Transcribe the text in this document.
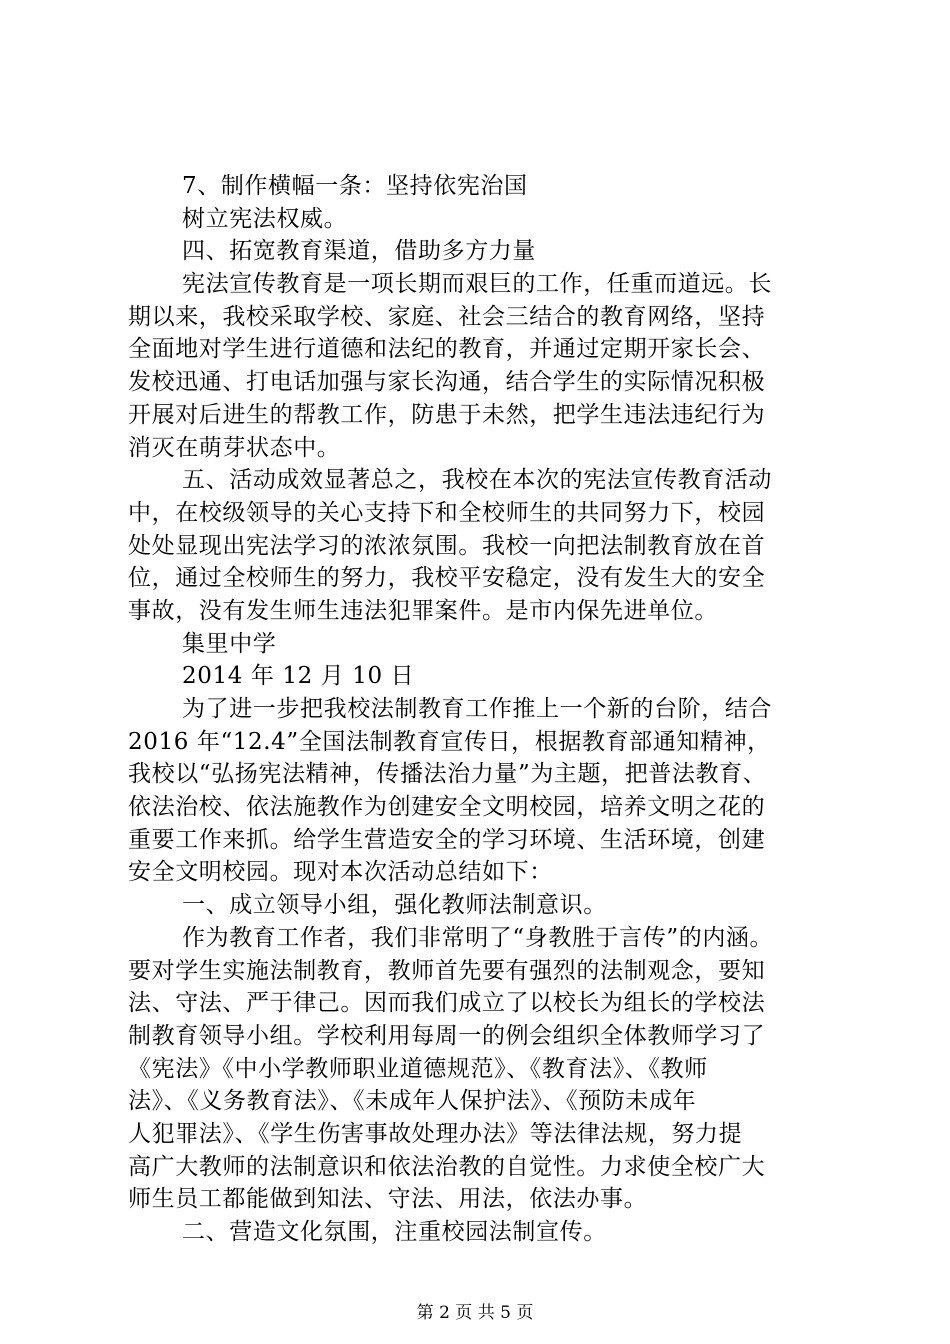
7、制作横幅一条：坚持依宪治国
树立宪法权威。
四、拓宽教育渠道，借助多方力量
宪法宣传教育是一项长期而艰巨的工作，任重而道远。长
期以来，我校采取学校、家庭、社会三结合的教育网络，坚持
全面地对学生进行道德和法纪的教育，并通过定期开家长会、
发校迅通、打电话加强与家长沟通，结合学生的实际情况积极
开展对后进生的帮教工作，防患于未然，把学生违法违纪行为
消灭在萌芽状态中。
五、活动成效显著总之，我校在本次的宪法宣传教育活动
中，在校级领导的关心支持下和全校师生的共同努力下，校园
处处显现出宪法学习的浓浓氛围。我校一向把法制教育放在首
位，通过全校师生的努力，我校平安稳定，没有发生大的安全
事故，没有发生师生违法犯罪案件。是市内保先进单位。
集里中学
2014 年 12 月 10 日
为了进一步把我校法制教育工作推上一个新的台阶，结合
2016 年“12.4”全国法制教育宣传日，根据教育部通知精神，
我校以“弘扬宪法精神，传播法治力量”为主题，把普法教育、
依法治校、依法施教作为创建安全文明校园，培养文明之花的
重要工作来抓。给学生营造安全的学习环境、生活环境，创建
安全文明校园。现对本次活动总结如下：
一、成立领导小组，强化教师法制意识。
作为教育工作者，我们非常明了“身教胜于言传”的内涵。
要对学生实施法制教育，教师首先要有强烈的法制观念，要知
法、守法、严于律己。因而我们成立了以校长为组长的学校法
制教育领导小组。学校利用每周一的例会组织全体教师学习了
《宪法》《中小学教师职业道德规范》、《教育法》、《教师
法》、《义务教育法》、《未成年人保护法》、《预防未成年
人犯罪法》、《学生伤害事故处理办法》等法律法规，努力提
高广大教师的法制意识和依法治教的自觉性。力求使全校广大
师生员工都能做到知法、守法、用法，依法办事。
二、营造文化氛围，注重校园法制宣传。
第 2 页 共 5 页
